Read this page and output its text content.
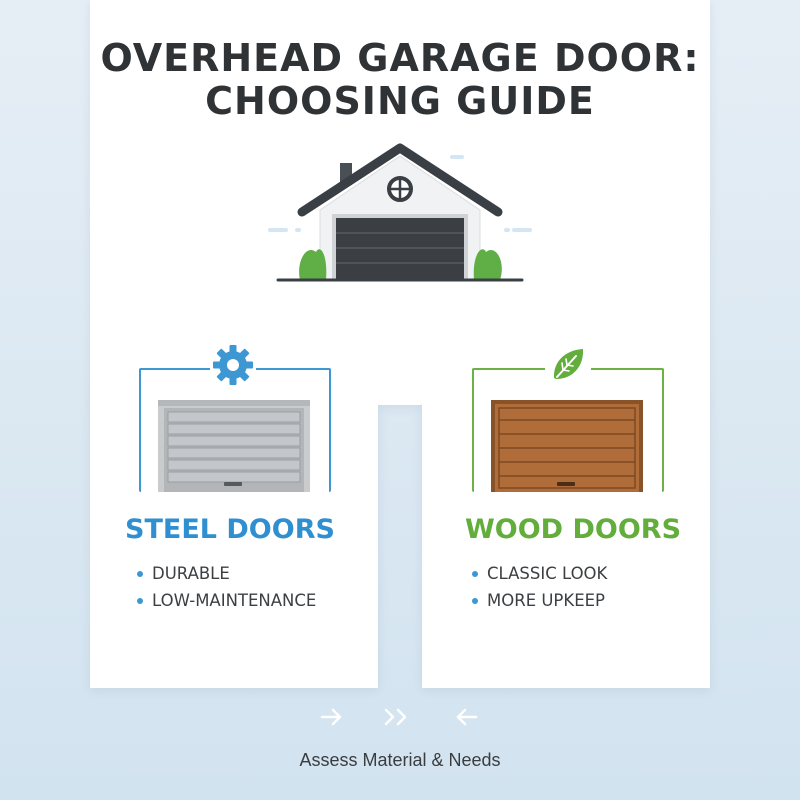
OVERHEAD GARAGE DOOR:
CHOOSING GUIDE
STEEL DOORS
DURABLE
LOW-MAINTENANCE
WOOD DOORS
CLASSIC LOOK
MORE UPKEEP

Assess Material & Needs
